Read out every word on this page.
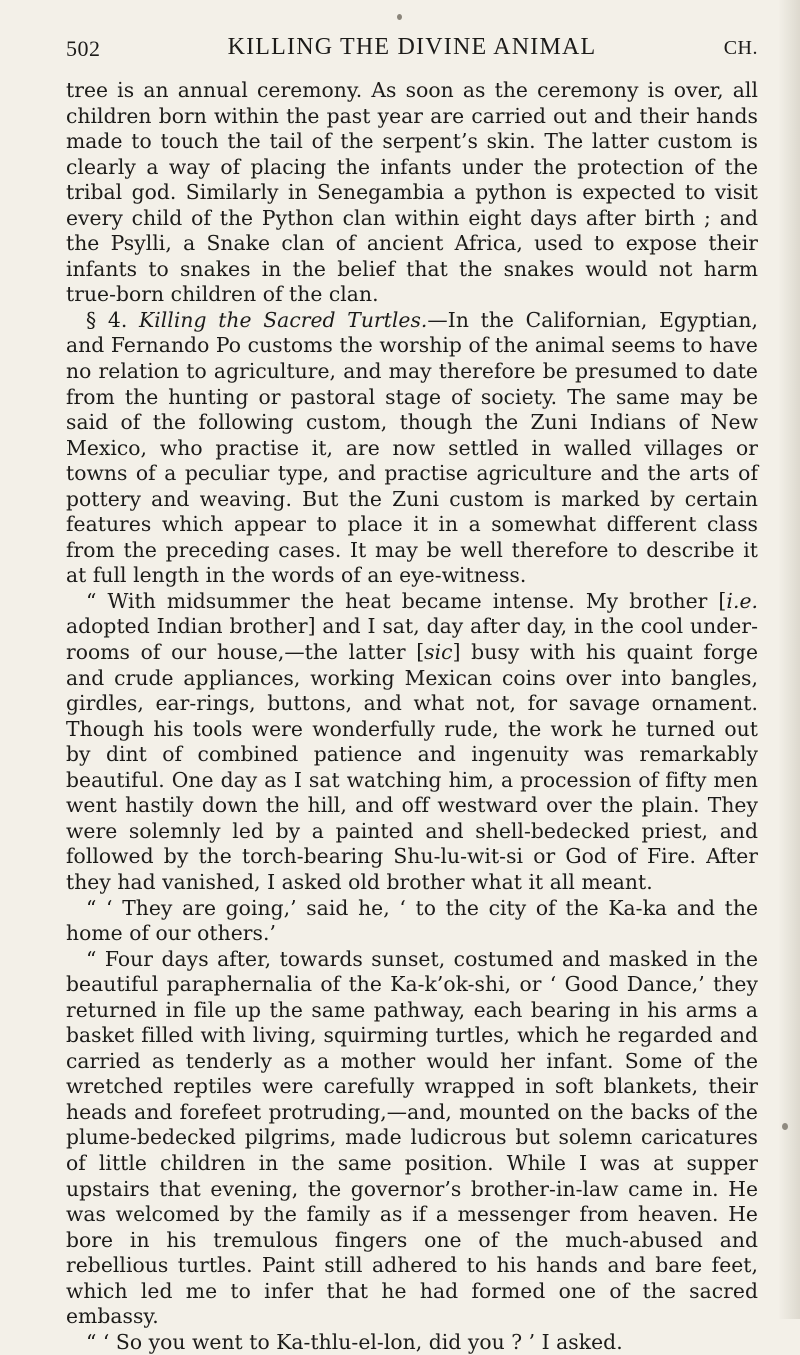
502	KILLING THE DIVINE ANIMAL	CH.

tree is an annual ceremony. As soon as the ceremony is over, all children born within the past year are carried out and their hands made to touch the tail of the serpent’s skin. The latter custom is clearly a way of placing the infants under the protection of the tribal god. Similarly in Senegambia a python is expected to visit every child of the Python clan within eight days after birth ; and the Psylli, a Snake clan of ancient Africa, used to expose their infants to snakes in the belief that the snakes would not harm true-born children of the clan.

§ 4. Killing the Sacred Turtles.—In the Californian, Egyptian, and Fernando Po customs the worship of the animal seems to have no relation to agriculture, and may therefore be presumed to date from the hunting or pastoral stage of society. The same may be said of the following custom, though the Zuni Indians of New Mexico, who practise it, are now settled in walled villages or towns of a peculiar type, and practise agriculture and the arts of pottery and weaving. But the Zuni custom is marked by certain features which appear to place it in a somewhat different class from the preceding cases. It may be well therefore to describe it at full length in the words of an eye-witness.

“ With midsummer the heat became intense. My brother [i.e. adopted Indian brother] and I sat, day after day, in the cool under-rooms of our house,—the latter [sic] busy with his quaint forge and crude appliances, working Mexican coins over into bangles, girdles, ear-rings, buttons, and what not, for savage ornament. Though his tools were wonderfully rude, the work he turned out by dint of combined patience and ingenuity was remarkably beautiful. One day as I sat watching him, a procession of fifty men went hastily down the hill, and off westward over the plain. They were solemnly led by a painted and shell-bedecked priest, and followed by the torch-bearing Shu-lu-wit-si or God of Fire. After they had vanished, I asked old brother what it all meant.

“ ‘ They are going,’ said he, ‘ to the city of the Ka-ka and the home of our others.’

“ Four days after, towards sunset, costumed and masked in the beautiful paraphernalia of the Ka-k’ok-shi, or ‘ Good Dance,’ they returned in file up the same pathway, each bearing in his arms a basket filled with living, squirming turtles, which he regarded and carried as tenderly as a mother would her infant. Some of the wretched reptiles were carefully wrapped in soft blankets, their heads and forefeet protruding,—and, mounted on the backs of the plume-bedecked pilgrims, made ludicrous but solemn caricatures of little children in the same position. While I was at supper upstairs that evening, the governor’s brother-in-law came in. He was welcomed by the family as if a messenger from heaven. He bore in his tremulous fingers one of the much-abused and rebellious turtles. Paint still adhered to his hands and bare feet, which led me to infer that he had formed one of the sacred embassy.

“ ‘ So you went to Ka-thlu-el-lon, did you ? ’ I asked.
